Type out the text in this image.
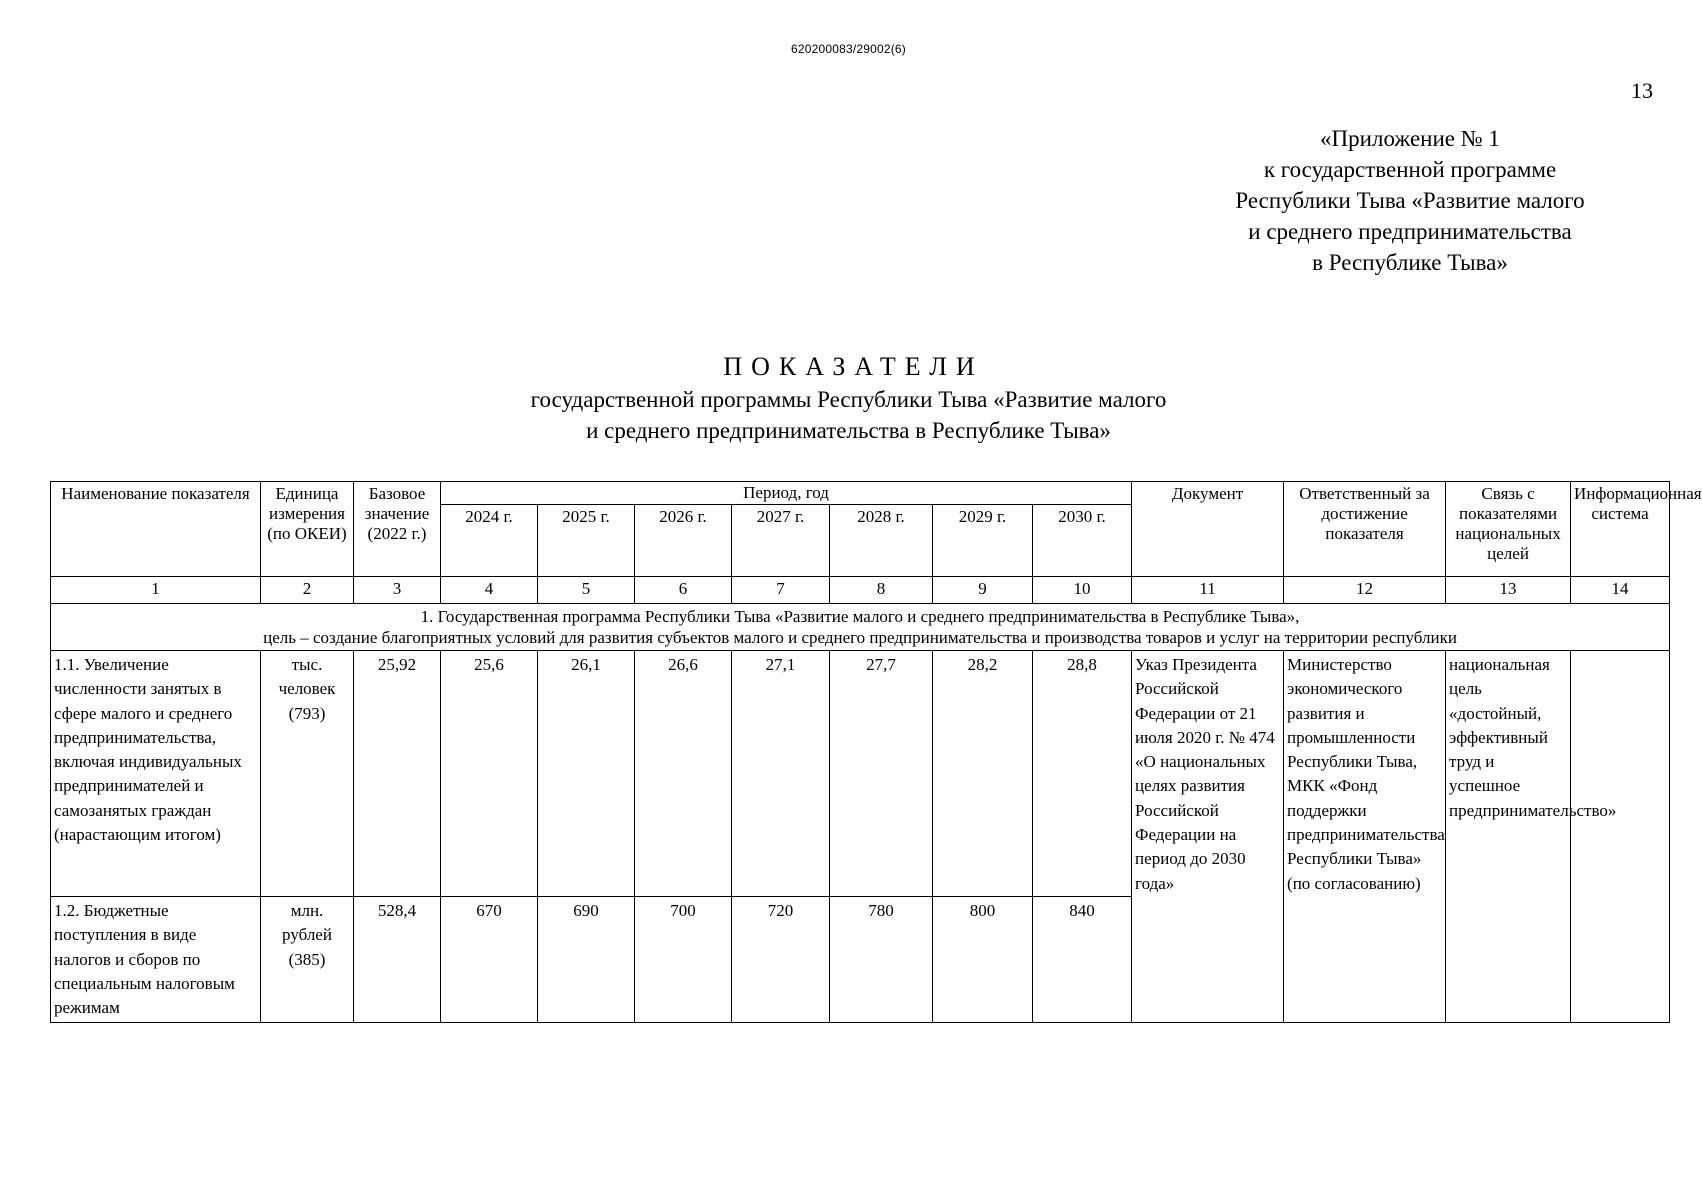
620200083/29002(6)
13
«Приложение № 1
к государственной программе
Республики Тыва «Развитие малого
и среднего предпринимательства
в Республике Тыва»
ПОКАЗАТЕЛИ
государственной программы Республики Тыва «Развитие малого
и среднего предпринимательства в Республике Тыва»
Наименование показателя	Единица измерения (по ОКЕИ)	Базовое значение (2022 г.)	Период, год							Документ	Ответственный за достижение показателя	Связь с показателями национальных целей	Информационная система
			2024 г.	2025 г.	2026 г.	2027 г.	2028 г.	2029 г.	2030 г.				
1	2	3	4	5	6	7	8	9	10	11	12	13	14

1. Государственная программа Республики Тыва «Развитие малого и среднего предпринимательства в Республике Тыва»,
цель – создание благоприятных условий для развития субъектов малого и среднего предпринимательства и производства товаров и услуг на территории республики													

1.1. Увеличение численности занятых в сфере малого и среднего предпринимательства, включая индивидуальных предпринимателей и самозанятых граждан (нарастающим итогом)	тыс. человек (793)	25,92	25,6	26,1	26,6	27,1	27,7	28,2	28,8	Указ Президента Российской Федерации от 21 июля 2020 г. № 474 «О национальных целях развития Российской Федерации на период до 2030 года»	Министерство экономического развития и промышленности Республики Тыва, МКК «Фонд поддержки предпринимательства Республики Тыва» (по согласованию)	национальная цель «достойный, эффективный труд и успешное предпринимательство»	
1.2. Бюджетные поступления в виде налогов и сборов по специальным налоговым режимам	млн. рублей (385)	528,4	670	690	700	720	780	800	840				
